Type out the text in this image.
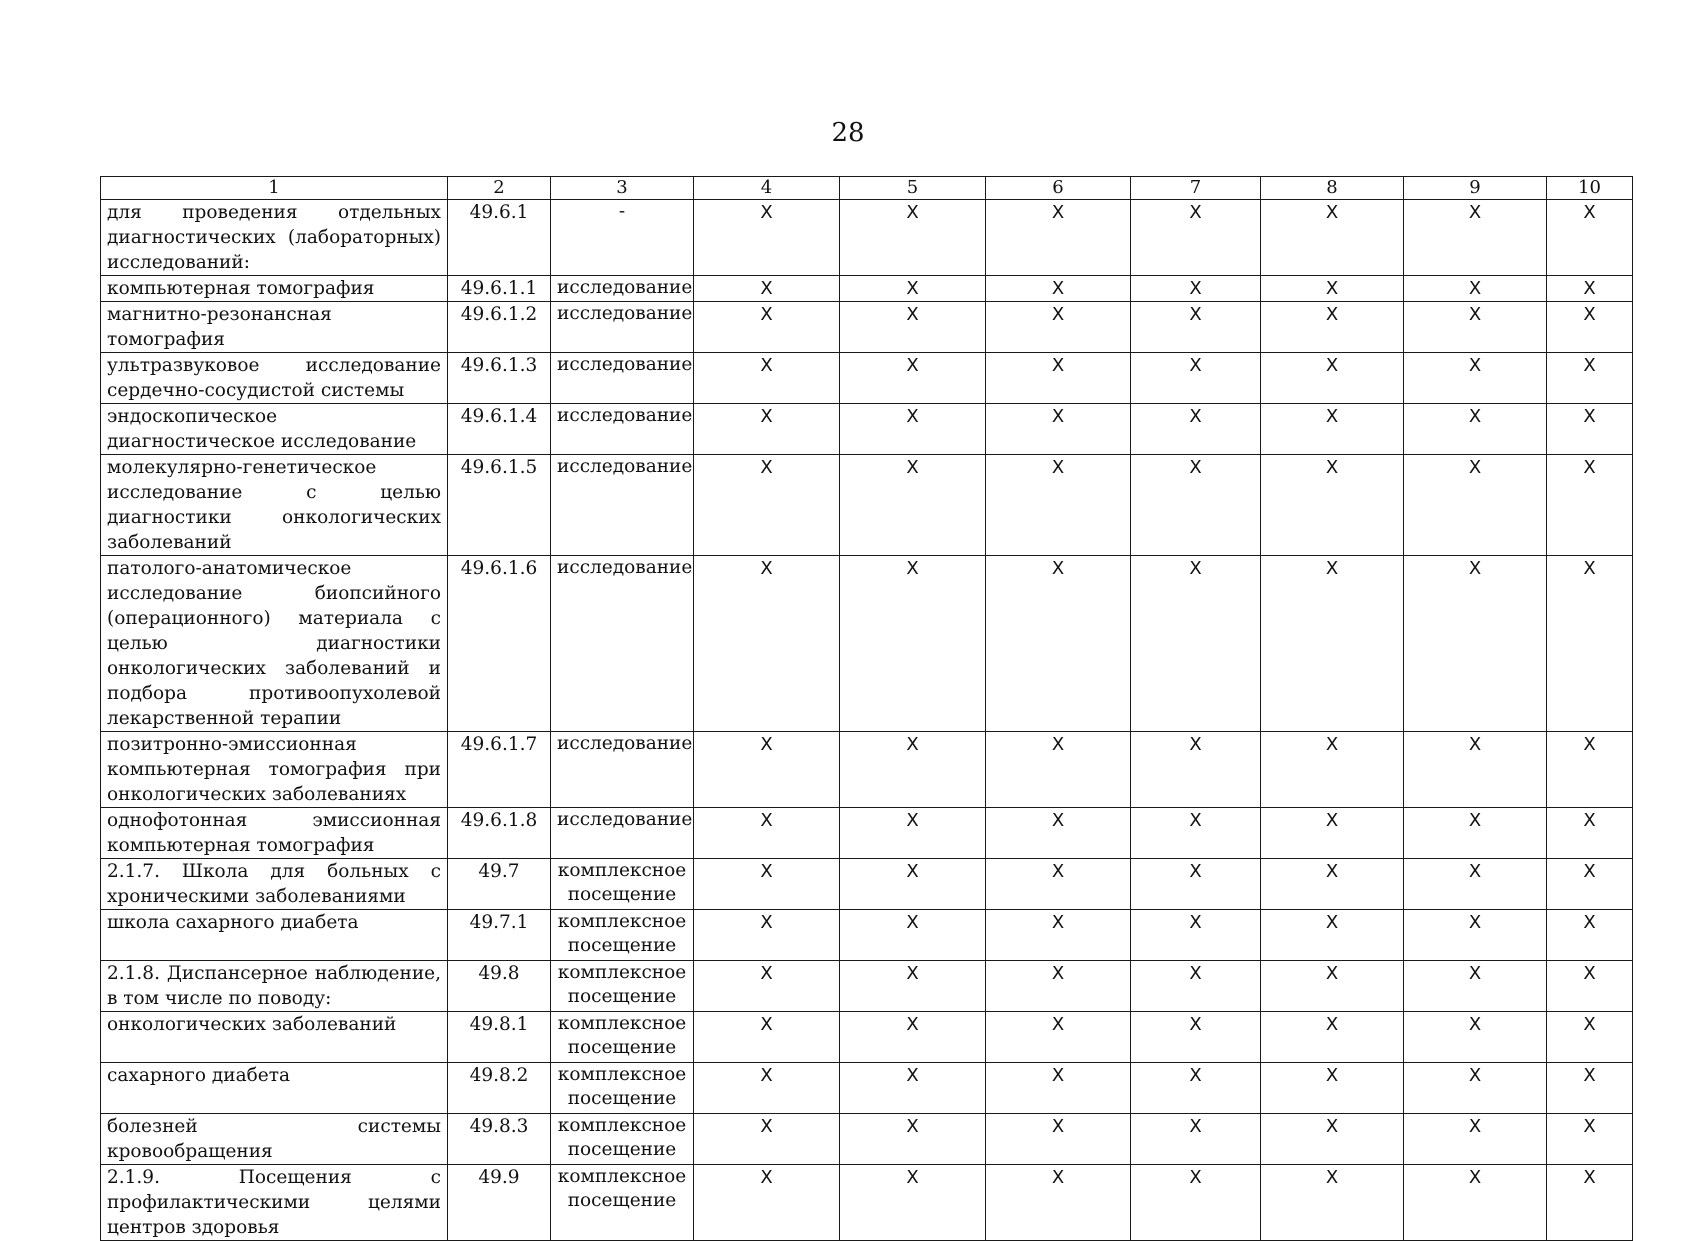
28
1	2	3	4	5	6	7	8	9	10
для проведения отдельных диагностических (лабораторных) исследований:	49.6.1	-	X	X	X	X	X	X	X
компьютерная томография	49.6.1.1	исследование	X	X	X	X	X	X	X
магнитно-резонансная томография	49.6.1.2	исследование	X	X	X	X	X	X	X
ультразвуковое исследование сердечно-сосудистой системы	49.6.1.3	исследование	X	X	X	X	X	X	X
эндоскопическое диагностическое исследование	49.6.1.4	исследование	X	X	X	X	X	X	X
молекулярно-генетическое исследование с целью диагностики онкологических заболеваний	49.6.1.5	исследование	X	X	X	X	X	X	X
патолого-анатомическое исследование биопсийного (операционного) материала с целью диагностики онкологических заболеваний и подбора противоопухолевой лекарственной терапии	49.6.1.6	исследование	X	X	X	X	X	X	X
позитронно-эмиссионная компьютерная томография при онкологических заболеваниях	49.6.1.7	исследование	X	X	X	X	X	X	X
однофотонная эмиссионная компьютерная томография	49.6.1.8	исследование	X	X	X	X	X	X	X
2.1.7. Школа для больных с хроническими заболеваниями	49.7	комплексное посещение	X	X	X	X	X	X	X
школа сахарного диабета	49.7.1	комплексное посещение	X	X	X	X	X	X	X
2.1.8. Диспансерное наблюдение, в том числе по поводу:	49.8	комплексное посещение	X	X	X	X	X	X	X
онкологических заболеваний	49.8.1	комплексное посещение	X	X	X	X	X	X	X
сахарного диабета	49.8.2	комплексное посещение	X	X	X	X	X	X	X
болезней системы кровообращения	49.8.3	комплексное посещение	X	X	X	X	X	X	X
2.1.9. Посещения с профилактическими целями центров здоровья	49.9	комплексное посещение	X	X	X	X	X	X	X
